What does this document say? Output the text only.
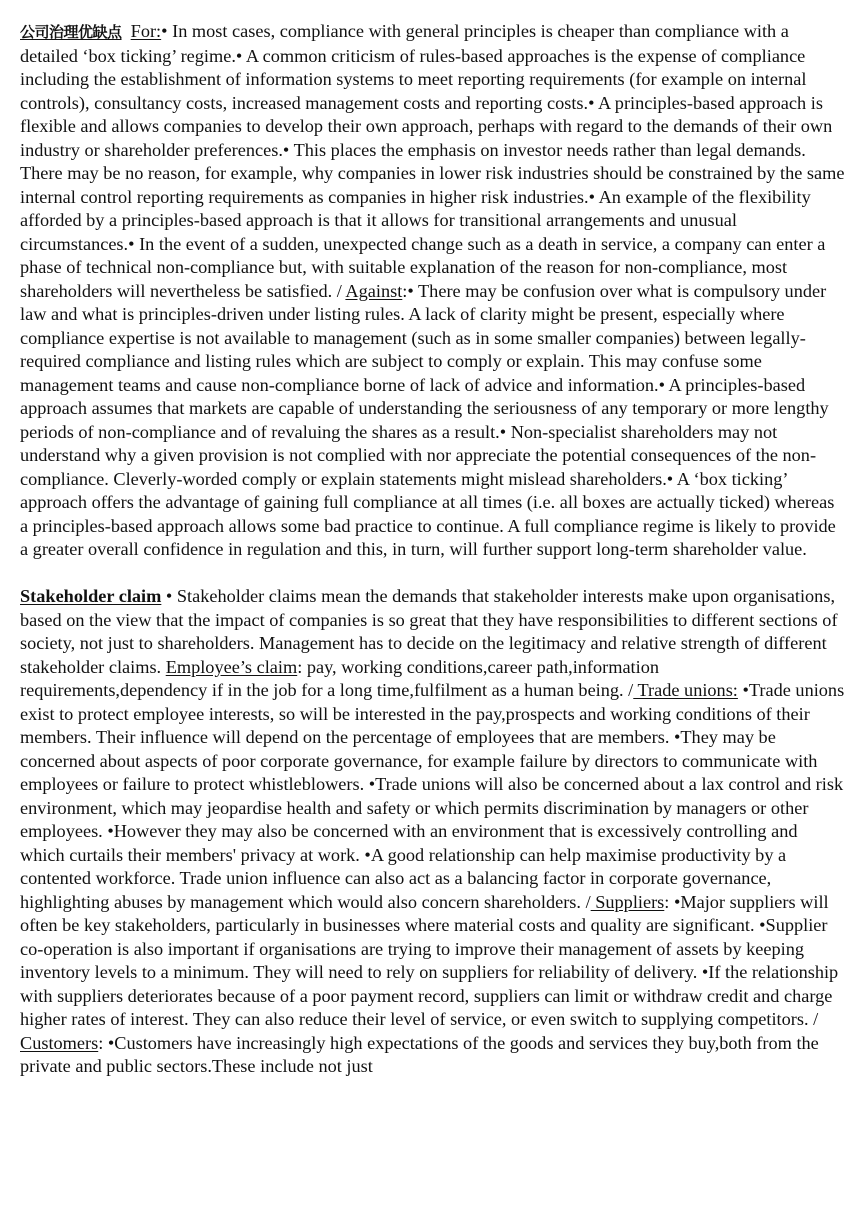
公司治理优缺点 For:• In most cases, compliance with general principles is cheaper than compliance with a detailed ‘box ticking’ regime.• A common criticism of rules-based approaches is the expense of compliance including the establishment of information systems to meet reporting requirements (for example on internal controls), consultancy costs, increased management costs and reporting costs.• A principles-based approach is flexible and allows companies to develop their own approach, perhaps with regard to the demands of their own industry or shareholder preferences.• This places the emphasis on investor needs rather than legal demands. There may be no reason, for example, why companies in lower risk industries should be constrained by the same internal control reporting requirements as companies in higher risk industries.• An example of the flexibility afforded by a principles-based approach is that it allows for transitional arrangements and unusual circumstances.• In the event of a sudden, unexpected change such as a death in service, a company can enter a phase of technical non-compliance but, with suitable explanation of the reason for non-compliance, most shareholders will nevertheless be satisfied. / Against:• There may be confusion over what is compulsory under law and what is principles-driven under listing rules. A lack of clarity might be present, especially where compliance expertise is not available to management (such as in some smaller companies) between legally-required compliance and listing rules which are subject to comply or explain. This may confuse some management teams and cause non-compliance borne of lack of advice and information.• A principles-based approach assumes that markets are capable of understanding the seriousness of any temporary or more lengthy periods of non-compliance and of revaluing the shares as a result.• Non-specialist shareholders may not understand why a given provision is not complied with nor appreciate the potential consequences of the non-compliance. Cleverly-worded comply or explain statements might mislead shareholders.• A ‘box ticking’ approach offers the advantage of gaining full compliance at all times (i.e. all boxes are actually ticked) whereas a principles-based approach allows some bad practice to continue. A full compliance regime is likely to provide a greater overall confidence in regulation and this, in turn, will further support long-term shareholder value.

Stakeholder claim • Stakeholder claims mean the demands that stakeholder interests make upon organisations, based on the view that the impact of companies is so great that they have responsibilities to different sections of society, not just to shareholders. Management has to decide on the legitimacy and relative strength of different stakeholder claims. Employee’s claim: pay, working conditions,career path,information requirements,dependency if in the job for a long time,fulfilment as a human being. / Trade unions: •Trade unions exist to protect employee interests, so will be interested in the pay,prospects and working conditions of their members. Their influence will depend on the percentage of employees that are members. •They may be concerned about aspects of poor corporate governance, for example failure by directors to communicate with employees or failure to protect whistleblowers. •Trade unions will also be concerned about a lax control and risk environment, which may jeopardise health and safety or which permits discrimination by managers or other employees. •However they may also be concerned with an environment that is excessively controlling and which curtails their members' privacy at work. •A good relationship can help maximise productivity by a contented workforce. Trade union influence can also act as a balancing factor in corporate governance, highlighting abuses by management which would also concern shareholders. / Suppliers: •Major suppliers will often be key stakeholders, particularly in businesses where material costs and quality are significant. •Supplier co-operation is also important if organisations are trying to improve their management of assets by keeping inventory levels to a minimum. They will need to rely on suppliers for reliability of delivery. •If the relationship with suppliers deteriorates because of a poor payment record, suppliers can limit or withdraw credit and charge higher rates of interest. They can also reduce their level of service, or even switch to supplying competitors. / Customers: •Customers have increasingly high expectations of the goods and services they buy,both from the private and public sectors.These include not just
